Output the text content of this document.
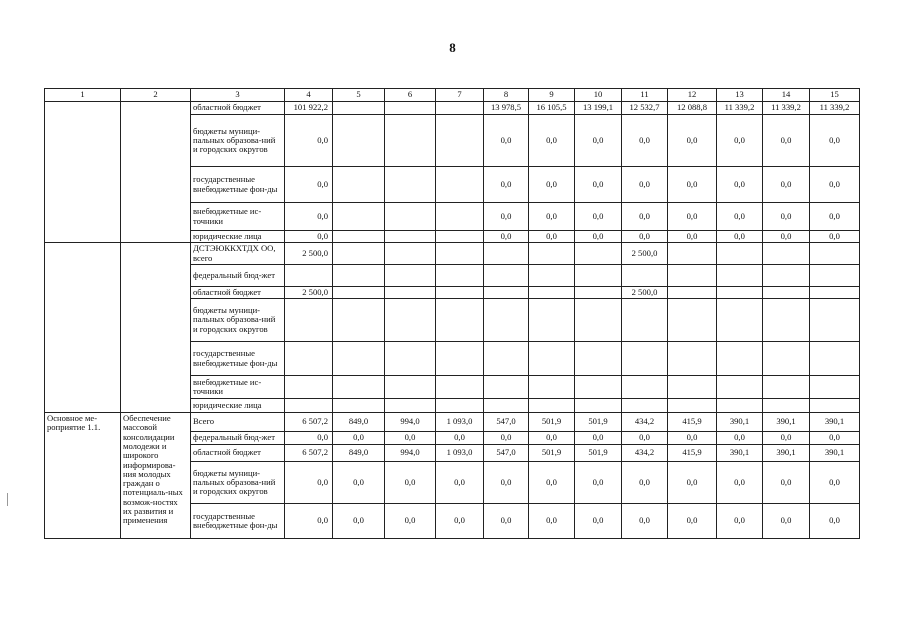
8
1	2	3	4	5	6	7	8	9	10	11	12	13	14	15
		областной бюджет	101 922,2				13 978,5	16 105,5	13 199,1	12 532,7	12 088,8	11 339,2	11 339,2	11 339,2
		бюджеты муници-пальных образова-ний и городских округов	0,0				0,0	0,0	0,0	0,0	0,0	0,0	0,0	0,0
		государственные внебюджетные фон-ды	0,0				0,0	0,0	0,0	0,0	0,0	0,0	0,0	0,0
		внебюджетные ис-точники	0,0				0,0	0,0	0,0	0,0	0,0	0,0	0,0	0,0
		юридические лица	0,0				0,0	0,0	0,0	0,0	0,0	0,0	0,0	0,0
		ДСТЭЮККХТДХ ОО, всего	2 500,0							2 500,0				
		федеральный бюд-жет												
		областной бюджет	2 500,0							2 500,0				
		бюджеты муници-пальных образова-ний и городских округов												
		государственные внебюджетные фон-ды												
		внебюджетные ис-точники												
		юридические лица												
Основное ме-роприятие 1.1.	Обеспечение массовой консолидации молодежи и широкого информирова-ния молодых граждан о потенциаль-ных возмож-ностях их развития и применения	Всего	6 507,2	849,0	994,0	1 093,0	547,0	501,9	501,9	434,2	415,9	390,1	390,1	390,1
		федеральный бюд-жет	0,0	0,0	0,0	0,0	0,0	0,0	0,0	0,0	0,0	0,0	0,0	0,0
		областной бюджет	6 507,2	849,0	994,0	1 093,0	547,0	501,9	501,9	434,2	415,9	390,1	390,1	390,1
		бюджеты муници-пальных образова-ний и городских округов	0,0	0,0	0,0	0,0	0,0	0,0	0,0	0,0	0,0	0,0	0,0	0,0
		государственные внебюджетные фон-ды	0,0	0,0	0,0	0,0	0,0	0,0	0,0	0,0	0,0	0,0	0,0	0,0
